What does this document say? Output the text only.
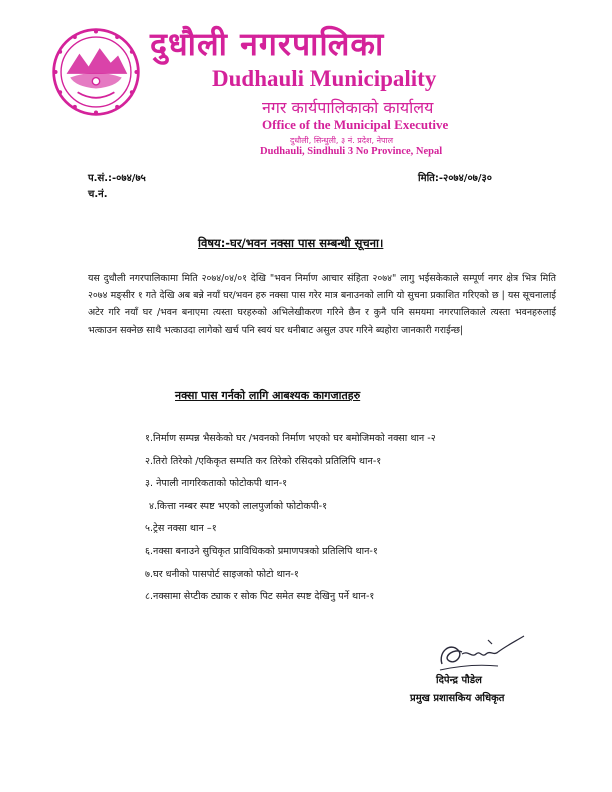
दुधौली नगरपालिका
Dudhauli Municipality
नगर कार्यपालिकाको कार्यालय
Office of the Municipal Executive
दुधौली, सिन्धुली, ३ नं. प्रदेश, नेपाल
Dudhauli, Sindhuli 3 No Province, Nepal
प.सं.:-०७४/७५
च.नं.
मिति:-२०७४/०७/३०
विषय:-घर/भवन नक्सा पास सम्बन्धी सूचना।
यस दुधौली नगरपालिकामा मिति २०७४/०४/०१ देखि "भवन निर्माण आचार संहिता २०७४" लागु भईसकेकाले सम्पूर्ण नगर क्षेत्र भित्र मिति २०७४ मङ्सीर १ गते देखि अब बन्ने नयाँ घर/भवन हरु नक्सा पास गरेर मात्र बनाउनको लागि यो सुचना प्रकाशित गरिएको छ | यस सूचनालाई अटेर गरि नयाँ घर /भवन बनाएमा त्यस्ता घरहरुको अभिलेखीकरण गरिने छैन र कुनै पनि समयमा नगरपालिकाले त्यस्ता भवनहरुलाई भत्काउन सक्नेछ साथै भत्काउदा लागेको खर्च पनि स्वयं घर धनीबाट असुल उपर गरिने ब्यहोरा जानकारी गराईन्छ|
नक्सा पास गर्नको लागि आबश्यक कागजातहरु
१.निर्माण सम्पन्न भैसकेको घर /भवनको निर्माण भएको घर बमोजिमको नक्सा थान -२
२.तिरो तिरेको /एकिकृत सम्पति कर तिरेको रसिदको प्रतिलिपि थान-१
३. नेपाली नागरिकताको फोटोकपी थान-१
४.कित्ता नम्बर स्पष्ट भएको लालपुर्जाको फोटोकपी-१
५.ट्रेस नक्सा थान –१
६.नक्सा बनाउने सुचिकृत प्राविधिकको प्रमाणपत्रको प्रतिलिपि थान-१
७.घर धनीको पासपोर्ट साइजको फोटो थान-१
८.नक्सामा सेप्टीक ट्याक र सोक पिट समेत स्पष्ट देखिनु पर्ने थान-१
दिपेन्द्र पौडेल
प्रमुख प्रशासकिय अधिकृत
